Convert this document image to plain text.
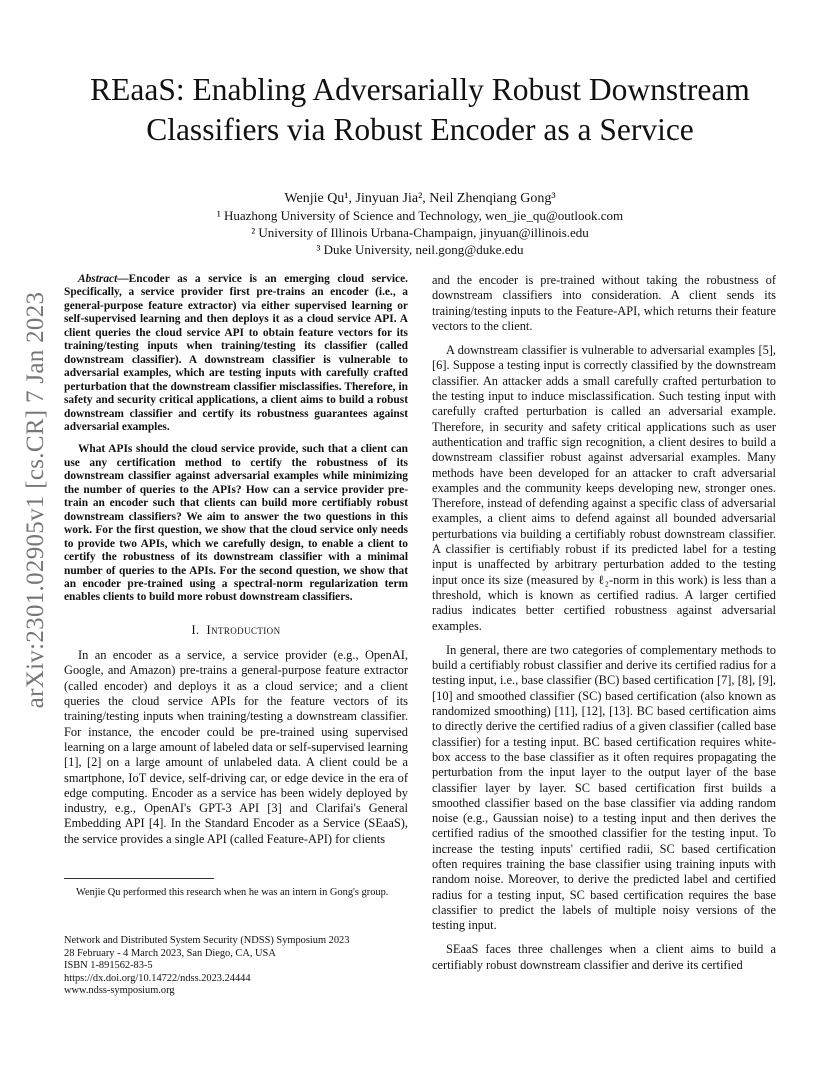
arXiv:2301.02905v1 [cs.CR] 7 Jan 2023
REaaS: Enabling Adversarially Robust Downstream
Classifiers via Robust Encoder as a Service
Wenjie Qu¹, Jinyuan Jia², Neil Zhenqiang Gong³
¹ Huazhong University of Science and Technology, wen_jie_qu@outlook.com
² University of Illinois Urbana-Champaign, jinyuan@illinois.edu
³ Duke University, neil.gong@duke.edu

Abstract—Encoder as a service is an emerging cloud service. Specifically, a service provider first pre-trains an encoder (i.e., a general-purpose feature extractor) via either supervised learning or self-supervised learning and then deploys it as a cloud service API. A client queries the cloud service API to obtain feature vectors for its training/testing inputs when training/testing its classifier (called downstream classifier). A downstream classifier is vulnerable to adversarial examples, which are testing inputs with carefully crafted perturbation that the downstream classifier misclassifies. Therefore, in safety and security critical applications, a client aims to build a robust downstream classifier and certify its robustness guarantees against adversarial examples.

What APIs should the cloud service provide, such that a client can use any certification method to certify the robustness of its downstream classifier against adversarial examples while minimizing the number of queries to the APIs? How can a service provider pre-train an encoder such that clients can build more certifiably robust downstream classifiers? We aim to answer the two questions in this work. For the first question, we show that the cloud service only needs to provide two APIs, which we carefully design, to enable a client to certify the robustness of its downstream classifier with a minimal number of queries to the APIs. For the second question, we show that an encoder pre-trained using a spectral-norm regularization term enables clients to build more robust downstream classifiers.

I. Introduction

In an encoder as a service, a service provider (e.g., OpenAI, Google, and Amazon) pre-trains a general-purpose feature extractor (called encoder) and deploys it as a cloud service; and a client queries the cloud service APIs for the feature vectors of its training/testing inputs when training/testing a downstream classifier. For instance, the encoder could be pre-trained using supervised learning on a large amount of labeled data or self-supervised learning [1], [2] on a large amount of unlabeled data. A client could be a smartphone, IoT device, self-driving car, or edge device in the era of edge computing. Encoder as a service has been widely deployed by industry, e.g., OpenAI's GPT-3 API [3] and Clarifai's General Embedding API [4]. In the Standard Encoder as a Service (SEaaS), the service provides a single API (called Feature-API) for clients

Wenjie Qu performed this research when he was an intern in Gong's group.
Network and Distributed System Security (NDSS) Symposium 2023
28 February - 4 March 2023, San Diego, CA, USA
ISBN 1-891562-83-5
https://dx.doi.org/10.14722/ndss.2023.24444
www.ndss-symposium.org

and the encoder is pre-trained without taking the robustness of downstream classifiers into consideration. A client sends its training/testing inputs to the Feature-API, which returns their feature vectors to the client.

A downstream classifier is vulnerable to adversarial examples [5], [6]. Suppose a testing input is correctly classified by the downstream classifier. An attacker adds a small carefully crafted perturbation to the testing input to induce misclassification. Such testing input with carefully crafted perturbation is called an adversarial example. Therefore, in security and safety critical applications such as user authentication and traffic sign recognition, a client desires to build a downstream classifier robust against adversarial examples. Many methods have been developed for an attacker to craft adversarial examples and the community keeps developing new, stronger ones. Therefore, instead of defending against a specific class of adversarial examples, a client aims to defend against all bounded adversarial perturbations via building a certifiably robust downstream classifier. A classifier is certifiably robust if its predicted label for a testing input is unaffected by arbitrary perturbation added to the testing input once its size (measured by ℓ₂-norm in this work) is less than a threshold, which is known as certified radius. A larger certified radius indicates better certified robustness against adversarial examples.

In general, there are two categories of complementary methods to build a certifiably robust classifier and derive its certified radius for a testing input, i.e., base classifier (BC) based certification [7], [8], [9], [10] and smoothed classifier (SC) based certification (also known as randomized smoothing) [11], [12], [13]. BC based certification aims to directly derive the certified radius of a given classifier (called base classifier) for a testing input. BC based certification requires white-box access to the base classifier as it often requires propagating the perturbation from the input layer to the output layer of the base classifier layer by layer. SC based certification first builds a smoothed classifier based on the base classifier via adding random noise (e.g., Gaussian noise) to a testing input and then derives the certified radius of the smoothed classifier for the testing input. To increase the testing inputs' certified radii, SC based certification often requires training the base classifier using training inputs with random noise. Moreover, to derive the predicted label and certified radius for a testing input, SC based certification requires the base classifier to predict the labels of multiple noisy versions of the testing input.

SEaaS faces three challenges when a client aims to build a certifiably robust downstream classifier and derive its certified
